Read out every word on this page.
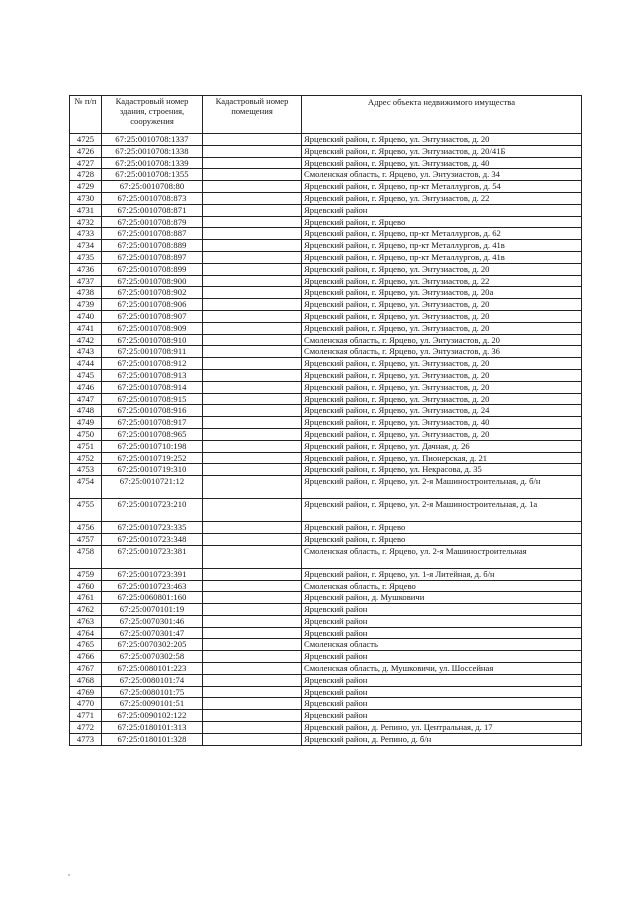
№ п/п	Кадастровый номер здания, строения, сооружения	Кадастровый номер помещения	Адрес объекта недвижимого имущества
4725	67:25:0010708:1337		Ярцевский район, г. Ярцево, ул. Энтузиастов, д. 20
4726	67:25:0010708:1338		Ярцевский район, г. Ярцево, ул. Энтузиастов, д. 20/41Б
4727	67:25:0010708:1339		Ярцевский район, г. Ярцево, ул. Энтузиастов, д. 40
4728	67:25:0010708:1355		Смоленская область, г. Ярцево, ул. Энтузиастов, д. 34
4729	67:25:0010708:80		Ярцевский район, г. Ярцево, пр-кт Металлургов, д. 54
4730	67:25:0010708:873		Ярцевский район, г. Ярцево, ул. Энтузиастов, д. 22
4731	67:25:0010708:871		Ярцевский район
4732	67:25:0010708:879		Ярцевский район, г. Ярцево
4733	67:25:0010708:887		Ярцевский район, г. Ярцево, пр-кт Металлургов, д. 62
4734	67:25:0010708:889		Ярцевский район, г. Ярцево, пр-кт Металлургов, д. 41в
4735	67:25:0010708:897		Ярцевский район, г. Ярцево, пр-кт Металлургов, д. 41в
4736	67:25:0010708:899		Ярцевский район, г. Ярцево, ул. Энтузиастов, д. 20
4737	67:25:0010708:900		Ярцевский район, г. Ярцево, ул. Энтузиастов, д. 22
4738	67:25:0010708:902		Ярцевский район, г. Ярцево, ул. Энтузиастов, д. 20а
4739	67:25:0010708:906		Ярцевский район, г. Ярцево, ул. Энтузиастов, д. 20
4740	67:25:0010708:907		Ярцевский район, г. Ярцево, ул. Энтузиастов, д. 20
4741	67:25:0010708:909		Ярцевский район, г. Ярцево, ул. Энтузиастов, д. 20
4742	67:25:0010708:910		Смоленская область, г. Ярцево, ул. Энтузиастов, д. 20
4743	67:25:0010708:911		Смоленская область, г. Ярцево, ул. Энтузиастов, д. 36
4744	67:25:0010708:912		Ярцевский район, г. Ярцево, ул. Энтузиастов, д. 20
4745	67:25:0010708:913		Ярцевский район, г. Ярцево, ул. Энтузиастов, д. 20
4746	67:25:0010708:914		Ярцевский район, г. Ярцево, ул. Энтузиастов, д. 20
4747	67:25:0010708:915		Ярцевский район, г. Ярцево, ул. Энтузиастов, д. 20
4748	67:25:0010708:916		Ярцевский район, г. Ярцево, ул. Энтузиастов, д. 24
4749	67:25:0010708:917		Ярцевский район, г. Ярцево, ул. Энтузиастов, д. 40
4750	67:25:0010708:965		Ярцевский район, г. Ярцево, ул. Энтузиастов, д. 20
4751	67:25:0010710:198		Ярцевский район, г. Ярцево, ул. Дачная, д. 26
4752	67:25:0010719:252		Ярцевский район, г. Ярцево, ул. Пионерская, д. 21
4753	67:25:0010719:310		Ярцевский район, г. Ярцево, ул. Некрасова, д. 35
4754	67:25:0010721:12		Ярцевский район, г. Ярцево, ул. 2-я Машиностроительная, д. б/н
4755	67:25:0010723:210		Ярцевский район, г. Ярцево, ул. 2-я Машиностроительная, д. 1а
4756	67:25:0010723:335		Ярцевский район, г. Ярцево
4757	67:25:0010723:348		Ярцевский район, г. Ярцево
4758	67:25:0010723:381		Смоленская область, г. Ярцево, ул. 2-я Машиностроительная
4759	67:25:0010723:391		Ярцевский район, г. Ярцево, ул. 1-я Литейная, д. б/н
4760	67:25:0010723:463		Смоленская область, г. Ярцево
4761	67:25:0060801:160		Ярцевский район, д. Мушковичи
4762	67:25:0070101:19		Ярцевский район
4763	67:25:0070301:46		Ярцевский район
4764	67:25:0070301:47		Ярцевский район
4765	67:25:0070302:205		Смоленская область
4766	67:25:0070302:58		Ярцевский район
4767	67:25:0080101:223		Смоленская область, д. Мушковичи, ул. Шоссейная
4768	67:25:0080101:74		Ярцевский район
4769	67:25:0080101:75		Ярцевский район
4770	67:25:0090101:51		Ярцевский район
4771	67:25:0090102:122		Ярцевский район
4772	67:25:0180101:313		Ярцевский район, д. Репино, ул. Центральная, д. 17
4773	67:25:0180101:328		Ярцевский район, д. Репино, д. б/н
